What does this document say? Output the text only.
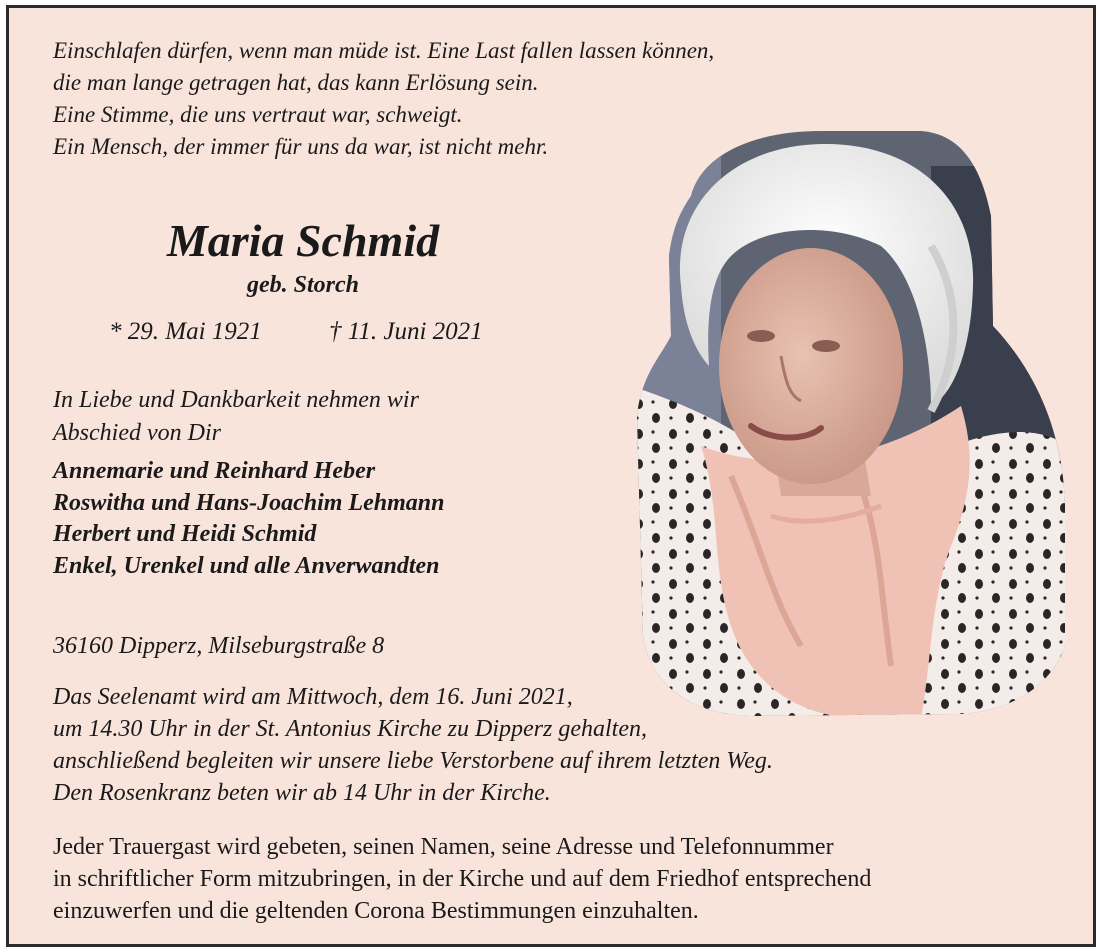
Einschlafen dürfen, wenn man müde ist. Eine Last fallen lassen können,
die man lange getragen hat, das kann Erlösung sein.
Eine Stimme, die uns vertraut war, schweigt.
Ein Mensch, der immer für uns da war, ist nicht mehr.
Maria Schmid
geb. Storch
* 29. Mai 1921	† 11. Juni 2021
In Liebe und Dankbarkeit nehmen wir
Abschied von Dir
Annemarie und Reinhard Heber
Roswitha und Hans-Joachim Lehmann
Herbert und Heidi Schmid
Enkel, Urenkel und alle Anverwandten
36160 Dipperz, Milseburgstraße 8
Das Seelenamt wird am Mittwoch, dem 16. Juni 2021,
um 14.30 Uhr in der St. Antonius Kirche zu Dipperz gehalten,
anschließend begleiten wir unsere liebe Verstorbene auf ihrem letzten Weg.
Den Rosenkranz beten wir ab 14 Uhr in der Kirche.
Jeder Trauergast wird gebeten, seinen Namen, seine Adresse und Telefonnummer
in schriftlicher Form mitzubringen, in der Kirche und auf dem Friedhof entsprechend
einzuwerfen und die geltenden Corona Bestimmungen einzuhalten.
